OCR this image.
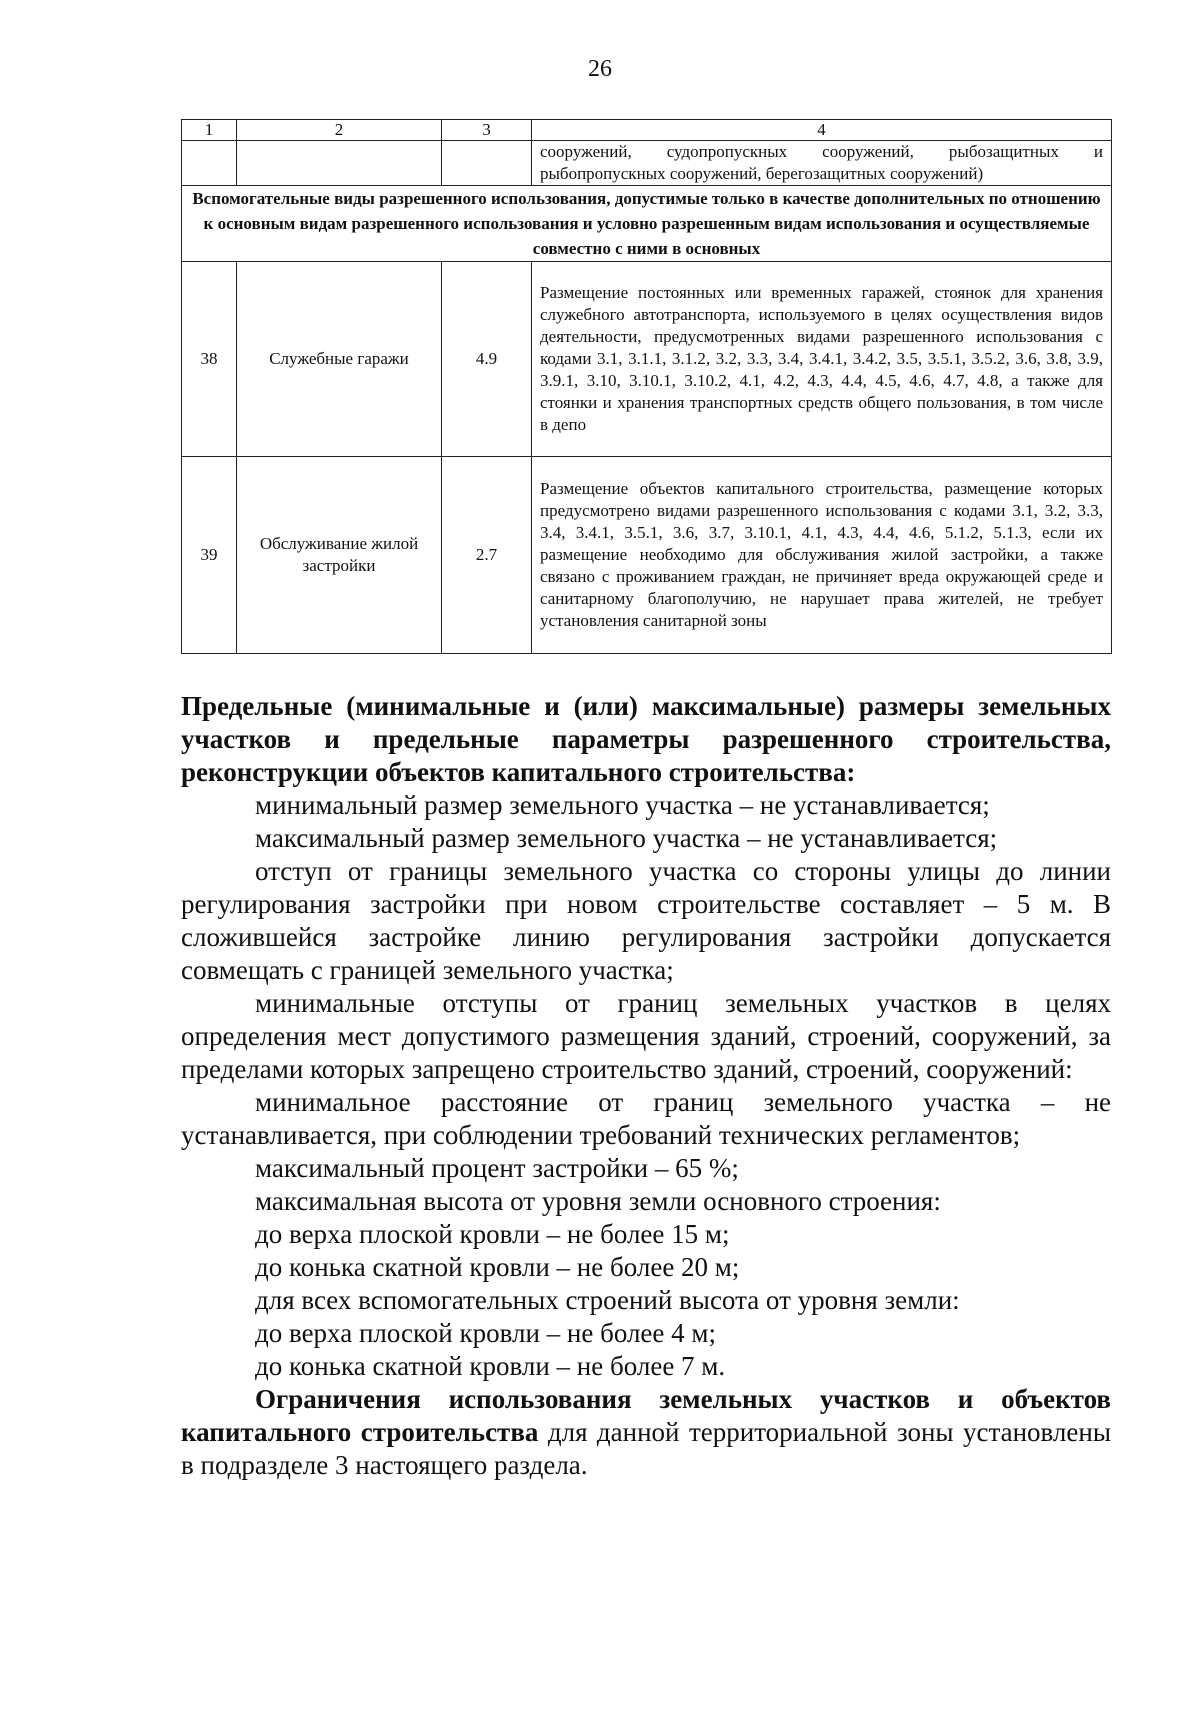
26
1	2	3	4
			сооружений, судопропускных сооружений, рыбозащитных и рыбопропускных сооружений, берегозащитных сооружений)
Вспомогательные виды разрешенного использования, допустимые только в качестве дополнительных по отношению к основным видам разрешенного использования и условно разрешенным видам использования и осуществляемые совместно с ними в основных			
38	Служебные гаражи	4.9	Размещение постоянных или временных гаражей, стоянок для хранения служебного автотранспорта, используемого в целях осуществления видов деятельности, предусмотренных видами разрешенного использования с кодами 3.1, 3.1.1, 3.1.2, 3.2, 3.3, 3.4, 3.4.1, 3.4.2, 3.5, 3.5.1, 3.5.2, 3.6, 3.8, 3.9, 3.9.1, 3.10, 3.10.1, 3.10.2, 4.1, 4.2, 4.3, 4.4, 4.5, 4.6, 4.7, 4.8, а также для стоянки и хранения транспортных средств общего пользования, в том числе в депо
39	Обслуживание жилой застройки	2.7	Размещение объектов капитального строительства, размещение которых предусмотрено видами разрешенного использования с кодами 3.1, 3.2, 3.3, 3.4, 3.4.1, 3.5.1, 3.6, 3.7, 3.10.1, 4.1, 4.3, 4.4, 4.6, 5.1.2, 5.1.3, если их размещение необходимо для обслуживания жилой застройки, а также связано с проживанием граждан, не причиняет вреда окружающей среде и санитарному благополучию, не нарушает права жителей, не требует установления санитарной зоны

Предельные (минимальные и (или) максимальные) размеры земельных участков и предельные параметры разрешенного строительства, реконструкции объектов капитального строительства:

минимальный размер земельного участка – не устанавливается;

максимальный размер земельного участка – не устанавливается;

отступ от границы земельного участка со стороны улицы до линии регулирования застройки при новом строительстве составляет – 5 м. В сложившейся застройке линию регулирования застройки допускается совмещать с границей земельного участка;

минимальные отступы от границ земельных участков в целях определения мест допустимого размещения зданий, строений, сооружений, за пределами которых запрещено строительство зданий, строений, сооружений:

минимальное расстояние от границ земельного участка – не устанавливается, при соблюдении требований технических регламентов;

максимальный процент застройки – 65 %;

максимальная высота от уровня земли основного строения:

до верха плоской кровли – не более 15 м;

до конька скатной кровли – не более 20 м;

для всех вспомогательных строений высота от уровня земли:

до верха плоской кровли – не более 4 м;

до конька скатной кровли – не более 7 м.

Ограничения использования земельных участков и объектов капитального строительства для данной территориальной зоны установлены в подразделе 3 настоящего раздела.
